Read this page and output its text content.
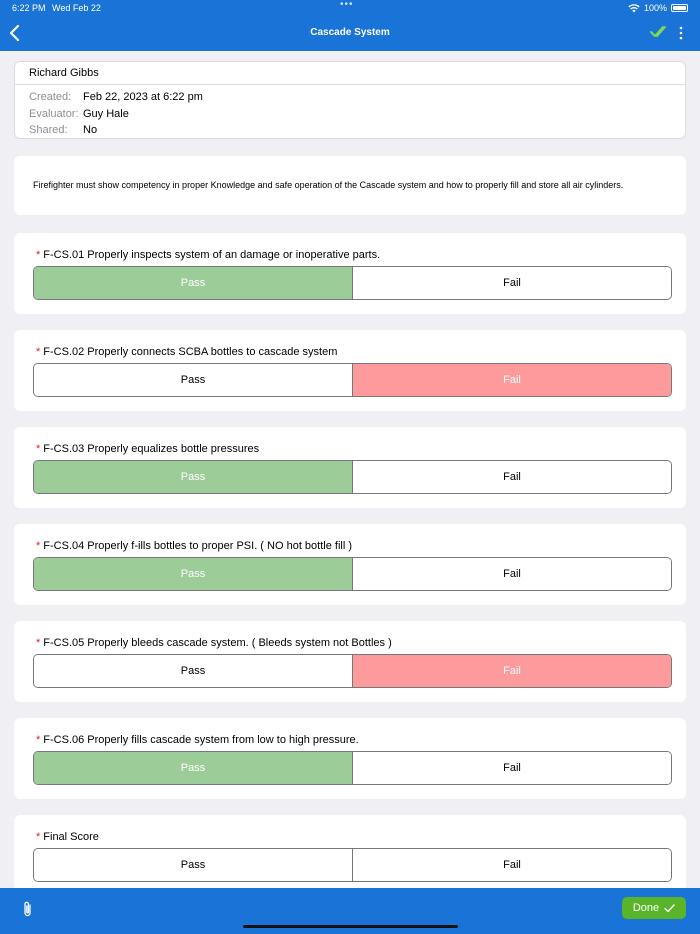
6:22 PM Wed Feb 22	•••	100%
Cascade System
Richard Gibbs
Created:	Feb 22, 2023 at 6:22 pm
Evaluator: Guy Hale
Shared:	No
Firefighter must show competency in proper Knowledge and safe operation of the Cascade system and how to properly fill and store all air cylinders.
* F-CS.01 Properly inspects system of an damage or inoperative parts.
Pass	Fail
* F-CS.02 Properly connects SCBA bottles to cascade system
Pass	Fail
* F-CS.03 Properly equalizes bottle pressures
Pass	Fail
* F-CS.04 Properly f-ills bottles to proper PSI. ( NO hot bottle fill )
Pass	Fail
* F-CS.05 Properly bleeds cascade system. ( Bleeds system not Bottles )
Pass	Fail
* F-CS.06 Properly fills cascade system from low to high pressure.
Pass	Fail
* Final Score
Pass	Fail
Done
